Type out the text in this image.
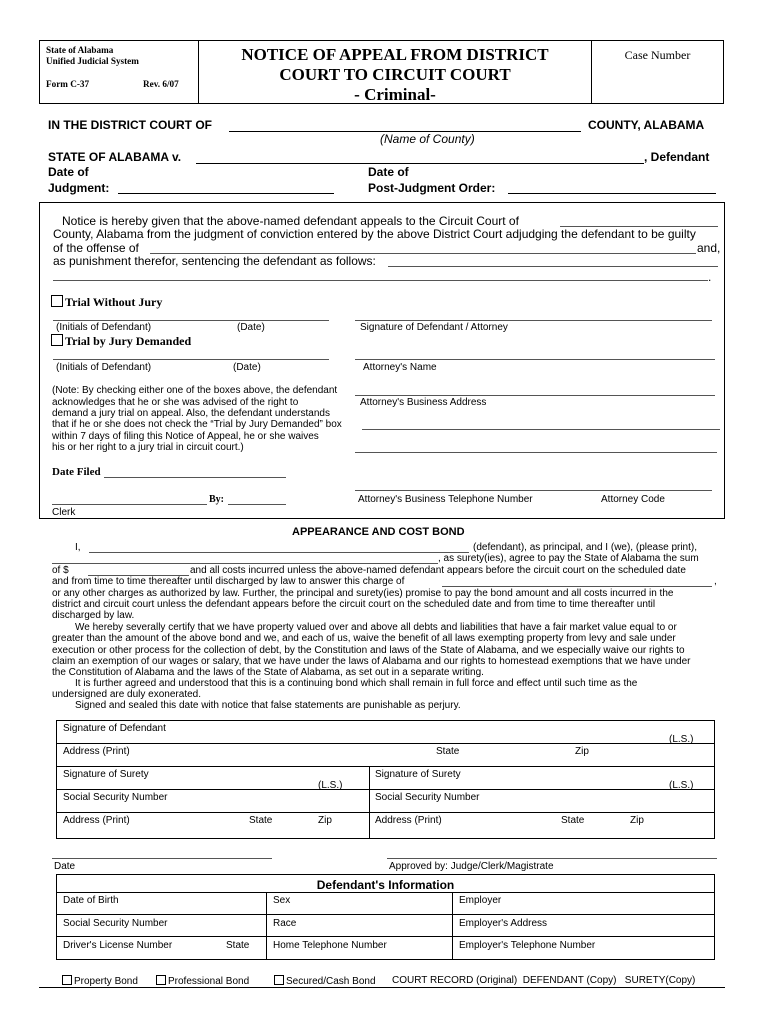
State of Alabama
Unified Judicial System
Form C-37	Rev. 6/07
NOTICE OF APPEAL FROM DISTRICT
COURT TO CIRCUIT COURT
- Criminal-
Case Number
IN THE DISTRICT COURT OF	COUNTY, ALABAMA
(Name of County)
STATE OF ALABAMA v.	, Defendant
Date of
Judgment:
Date of
Post-Judgment Order:
Notice is hereby given that the above-named defendant appeals to the Circuit Court of
County, Alabama from the judgment of conviction entered by the above District Court adjudging the defendant to be guilty
of the offense of	and,
as punishment therefor, sentencing the defendant as follows:
.
Trial Without Jury
(Initials of Defendant)	(Date)	Signature of Defendant / Attorney
Trial by Jury Demanded
(Initials of Defendant)	(Date)	Attorney's Name
(Note: By checking either one of the boxes above, the defendant
acknowledges that he or she was advised of the right to
demand a jury trial on appeal. Also, the defendant understands
that if he or she does not check the “Trial by Jury Demanded” box
within 7 days of filing this Notice of Appeal, he or she waives
his or her right to a jury trial in circuit court.)
Attorney's Business Address
Date Filed
By:	Attorney's Business Telephone Number	Attorney Code
Clerk
APPEARANCE AND COST BOND
I,	(defendant), as principal, and I (we), (please print),
, as surety(ies), agree to pay the State of Alabama the sum
of $	and all costs incurred unless the above-named defendant appears before the circuit court on the scheduled date
and from time to time thereafter until discharged by law to answer this charge of	,
or any other charges as authorized by law. Further, the principal and surety(ies) promise to pay the bond amount and all costs incurred in the
district and circuit court unless the defendant appears before the circuit court on the scheduled date and from time to time thereafter until
discharged by law.
We hereby severally certify that we have property valued over and above all debts and liabilities that have a fair market value equal to or
greater than the amount of the above bond and we, and each of us, waive the benefit of all laws exempting property from levy and sale under
execution or other process for the collection of debt, by the Constitution and laws of the State of Alabama, and we especially waive our rights to
claim an exemption of our wages or salary, that we have under the laws of Alabama and our rights to homestead exemptions that we have under
the Constitution of Alabama and the laws of the State of Alabama, as set out in a separate writing.
It is further agreed and understood that this is a continuing bond which shall remain in full force and effect until such time as the
undersigned are duly exonerated.
Signed and sealed this date with notice that false statements are punishable as perjury.
Signature of Defendant
(L.S.)
Address (Print)	State	Zip
Signature of Surety
(L.S.)
Signature of Surety
(L.S.)
Social Security Number	Social Security Number
Address (Print)	State	Zip	Address (Print)	State	Zip
Date	Approved by: Judge/Clerk/Magistrate
Defendant's Information
Date of Birth	Sex	Employer
Social Security Number	Race	Employer's Address
Driver's License Number	State Home Telephone Number	Employer's Telephone Number
Property Bond	Professional Bond	Secured/Cash Bond COURT RECORD (Original)  DEFENDANT (Copy)   SURETY(Copy)
